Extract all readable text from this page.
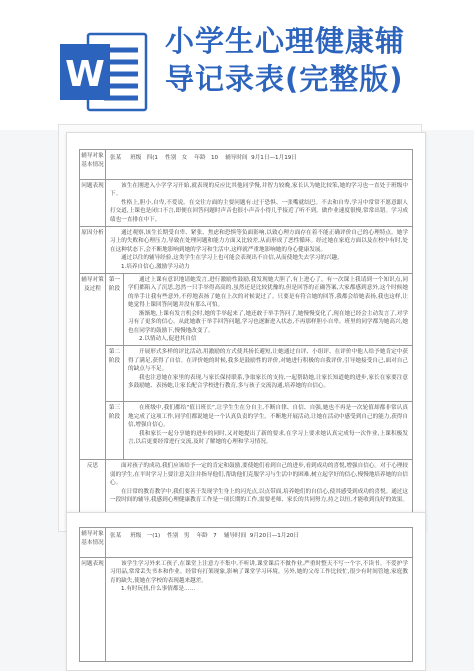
W
小学生心理健康辅
导记录表(完整版)
辅导对象基本情况	张某 班级 四(1 性别 女 年龄 10 辅导时间 9月1日—1月19日	
问题表现	该生在刚进入小学学习开始,就表现的反应比其他同学慢,并智力较晚,家长认为她比较笨,她的学习也一直处于班级中下。
性格上,胆小,自卑,不爱说。在交往方面的主要问题有:过于恐惧、一张嘴就结巴。不去和自卑,学习中常常不愿意跟人打交道,上课也是闭口不言,即便在回答问题时声音也很小声音小得几乎接近了听不到。做作业速度很慢,常常出错。学习成绩也一直排在中下。	

原因分析	通过观察,该生长期受自卑、紧张、焦虑和恐惧等负面影响,以致心理方面存在着不能正确评价自己的心理特点。她学习上的失败和心理压力,导致在处理问题和能力方面又比较差,从而形成了恶性循环。经过她在家庭方面以及在校中有时,处在这种状态下,会不断地影响到她的学习和生活中,这样就严重地影响她的身心健康发展。
通过以往的辅导经验,这类学生在学习上也可能会表现出不自信,从而使她失去学习的兴趣。
1.培养自信心,激励学习动力	

辅导对策及过程	第一阶段	通过上课有意识地请她发言,进行激励性鼓励,我发现她大胆了,有上进心了。有一次课上我请到一个知识点,同学们都陷入了沉思,忽然一只手举得高高的,虽然还是比较犹豫的,但是回答的正确答案,大家都感到意外,这个时候她的举手让我有些意外,不停地表扬了她在上次的对候说过了。只要是有符合她的回答,我都会给她表扬,我也这样,让她觉得上课回答问题并没有那么可怕。
渐渐地,上课有发言机会时,她的手举起来了,她还敢于举手答问了,她慢慢变化了,现在她已经会主动发言了,对学习有了更多的信心。从此她敢于举手回答问题,学习也逐渐进入状态,不再那样胆小自卑。班里的同学都为她高兴,她也在同学的鼓励下,慢慢地改变了。
2.以情动人,促进其自信

	第二阶段	开展形式多样的评比活动,用激励的方式使其扬长避短,让她通过自评、小组评、在评价中他人给予她肯定中获得了满足,获得了自信。在评价她的时候,我多是鼓励性的评价,对她进行积极的自我评价,引导她接受自己,面对自己的缺点与不足。
我也注意她在家里的表现,与家长保持联系,争取家长的支持,一起帮助她,让家长知道她的进步,家长在家要注意多鼓励她、表扬她,让家长配合学校进行教育,多与孩子交流沟通,培养她的自信心。

	第三阶段	在班级中,我们都给“值日班长”,让学生生在分自主,不断自律、自信、自强,她也不再是一次轮值却都非常认真地完成了这项工作,同学们都说她是一个认真负责的学生。不断地开展活动,让她在活动中感受到自己的能力,获得自信,增强自信心。
我和家长一起分享她的进步的同时,又对她提出了新的要求,在学习上要求她认真完成每一次作业,上课积极发言,以后更要经常进行交流,及时了解她的心理和学习情况。

反思	面对孩子的成功,我们应该给予一定的肯定和鼓励,要使她们看到自己的进步,看到成功的喜悦,增强自信心。对于心理较弱的学生,在平时学习上要注意关注并指导他们,帮助他们克服学习与生活中的困难,树立起学好的信心,慢慢地培养她的自信心。
在日常的教育教学中,我们要善于发现学生身上的闪光点,以点带面,培养她们的自信心,使其感受到成功的喜悦。通过这一段时间的辅导,我感到心理健康教育工作是一项长期的工作,需要老师、家长的共同努力,持之以恒,才能收到良好的效果。	
辅导对象基本情况	张某 班级 一(1) 性别 男 年龄 7 辅导时间 9月20日—1月20日
问题表现	该学生学习外来工孩子,在课堂上注意力不集中,不听讲,课堂课后不做作业,严重时整天不写一个字,不读书。不爱护学习用品,常常丢失书本和作业。经常有打架现象,影响了课堂学习环境。另外,她的父母工作比较忙,很少有时间管她,家庭教育的缺失,使她在学校的表现越来越差。
1.有时玩扭,什么事情都是……
